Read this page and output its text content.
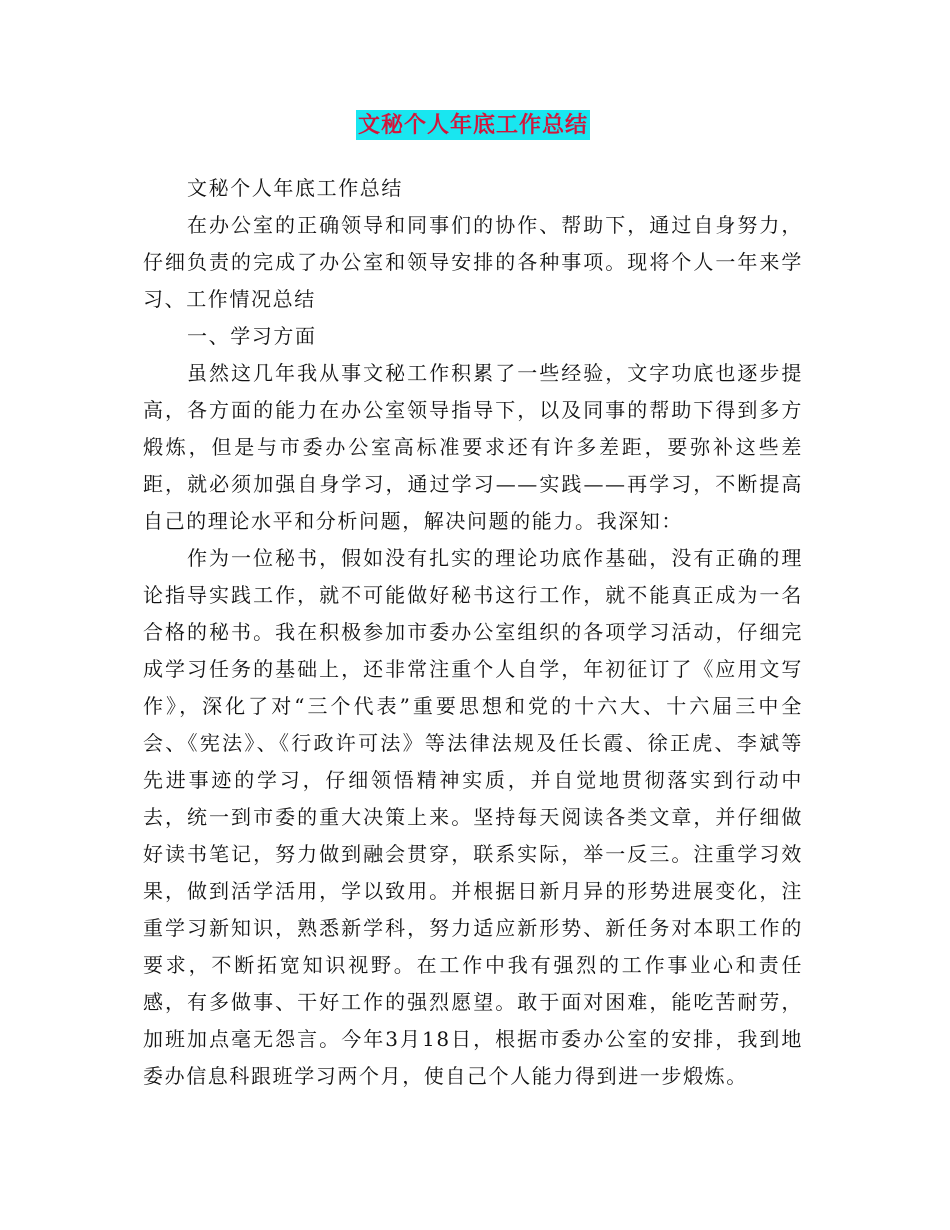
文秘个人年底工作总结

文秘个人年底工作总结

在办公室的正确领导和同事们的协作、帮助下，通过自身努力，仔细负责的完成了办公室和领导安排的各种事项。现将个人一年来学习、工作情况总结

一、学习方面

虽然这几年我从事文秘工作积累了一些经验，文字功底也逐步提高，各方面的能力在办公室领导指导下，以及同事的帮助下得到多方煅炼，但是与市委办公室高标准要求还有许多差距，要弥补这些差距，就必须加强自身学习，通过学习——实践——再学习，不断提高自己的理论水平和分析问题，解决问题的能力。我深知：

作为一位秘书，假如没有扎实的理论功底作基础，没有正确的理论指导实践工作，就不可能做好秘书这行工作，就不能真正成为一名合格的秘书。我在积极参加市委办公室组织的各项学习活动，仔细完成学习任务的基础上，还非常注重个人自学，年初征订了《应用文写作》，深化了对“三个代表”重要思想和党的十六大、十六届三中全会、《宪法》、《行政许可法》等法律法规及任长霞、徐正虎、李斌等先进事迹的学习，仔细领悟精神实质，并自觉地贯彻落实到行动中去，统一到市委的重大决策上来。坚持每天阅读各类文章，并仔细做好读书笔记，努力做到融会贯穿，联系实际，举一反三。注重学习效果，做到活学活用，学以致用。并根据日新月异的形势进展变化，注重学习新知识，熟悉新学科，努力适应新形势、新任务对本职工作的要求，不断拓宽知识视野。在工作中我有强烈的工作事业心和责任感，有多做事、干好工作的强烈愿望。敢于面对困难，能吃苦耐劳，加班加点毫无怨言。今年3月18日，根据市委办公室的安排，我到地委办信息科跟班学习两个月，使自己个人能力得到进一步煅炼。
